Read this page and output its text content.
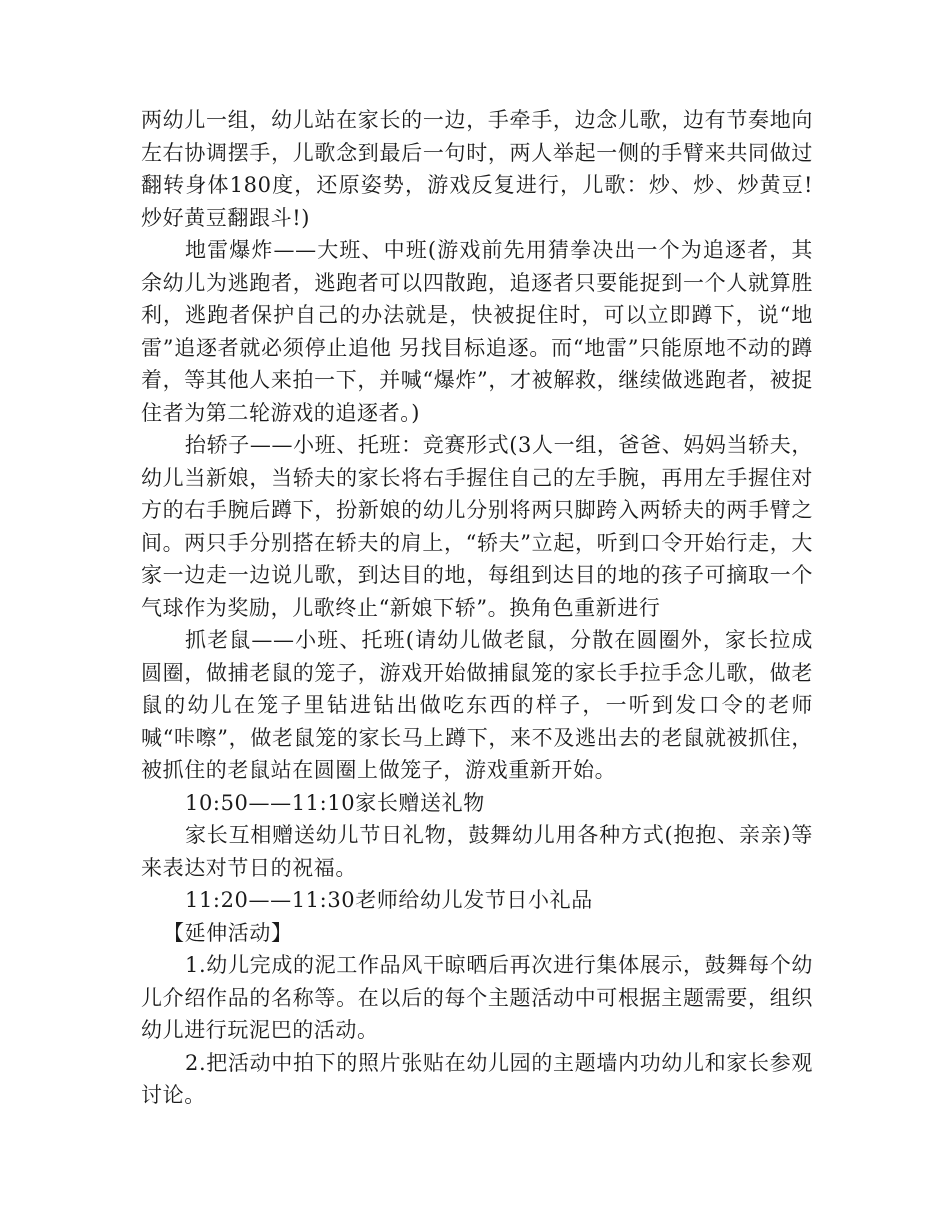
两幼儿一组，幼儿站在家长的一边，手牵手，边念儿歌，边有节奏地向左右协调摆手，儿歌念到最后一句时，两人举起一侧的手臂来共同做过翻转身体180度，还原姿势，游戏反复进行，儿歌：炒、炒、炒黄豆!炒好黄豆翻跟斗!)

地雷爆炸——大班、中班(游戏前先用猜拳决出一个为追逐者，其余幼儿为逃跑者，逃跑者可以四散跑，追逐者只要能捉到一个人就算胜利，逃跑者保护自己的办法就是，快被捉住时，可以立即蹲下，说“地雷”追逐者就必须停止追他 另找目标追逐。而“地雷”只能原地不动的蹲着，等其他人来拍一下，并喊“爆炸”，才被解救，继续做逃跑者，被捉住者为第二轮游戏的追逐者。)

抬轿子——小班、托班：竞赛形式(3人一组，爸爸、妈妈当轿夫，幼儿当新娘，当轿夫的家长将右手握住自己的左手腕，再用左手握住对方的右手腕后蹲下，扮新娘的幼儿分别将两只脚跨入两轿夫的两手臂之间。两只手分别搭在轿夫的肩上，“轿夫”立起，听到口令开始行走，大家一边走一边说儿歌，到达目的地，每组到达目的地的孩子可摘取一个气球作为奖励，儿歌终止“新娘下轿”。换角色重新进行

抓老鼠——小班、托班(请幼儿做老鼠，分散在圆圈外，家长拉成圆圈，做捕老鼠的笼子，游戏开始做捕鼠笼的家长手拉手念儿歌，做老鼠的幼儿在笼子里钻进钻出做吃东西的样子，一听到发口令的老师喊“咔嚓”，做老鼠笼的家长马上蹲下，来不及逃出去的老鼠就被抓住，被抓住的老鼠站在圆圈上做笼子，游戏重新开始。

10:50——11:10家长赠送礼物

家长互相赠送幼儿节日礼物，鼓舞幼儿用各种方式(抱抱、亲亲)等来表达对节日的祝福。

11:20——11:30老师给幼儿发节日小礼品

【延伸活动】

1.幼儿完成的泥工作品风干晾晒后再次进行集体展示，鼓舞每个幼儿介绍作品的名称等。在以后的每个主题活动中可根据主题需要，组织幼儿进行玩泥巴的活动。

2.把活动中拍下的照片张贴在幼儿园的主题墙内功幼儿和家长参观讨论。
